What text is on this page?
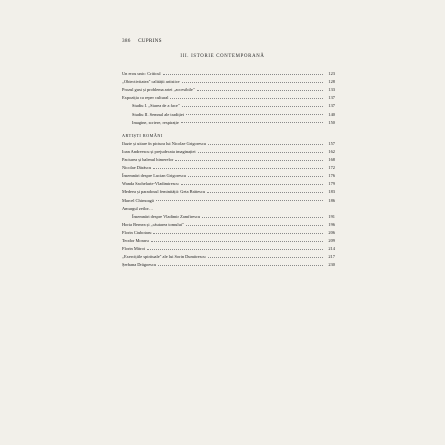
386 CUPRINS
III. ISTORIE CONTEMPORANĂ
Un erou unic: Criticul	123
„Obiectivitatea" calității artistice	128
Prozul gust și problema artei „accesibile"	133
Expoziția ca reper cultural	137
Studiu I. „Starea de a face"	137
Studiu II. Semnul ale tradiției	140
Imagine, scriere, respirație	150
ARTIȘTI ROMÂNI
Iluzie și uitare în pictura lui Nicolae Grigorescu	157
Ioan Andreescu și prejudecata imaginației	162
Paciurea și balenul himerelor	168
Nicolae Dărăscu	172
Însemnări despre Lucian Grigorescu	176
Wanda Sachelarie-Vladimirescu	179
Medeea și paradoxul feminității: Geta Brătescu	183
Marcel Chirnoagă	186
Amurgul zeilor…
Însemnări despre Vladimir Zamfirescu	191
Horia Bernea și „căutarea tomului"	196
Florin Ciubotaru	206
Teodor Moraru	209
Florin Mitroi	214
„Exercițiile spirituale" ale lui Sorin Dumitrescu	217
Șerbana Drăgoescu	230
